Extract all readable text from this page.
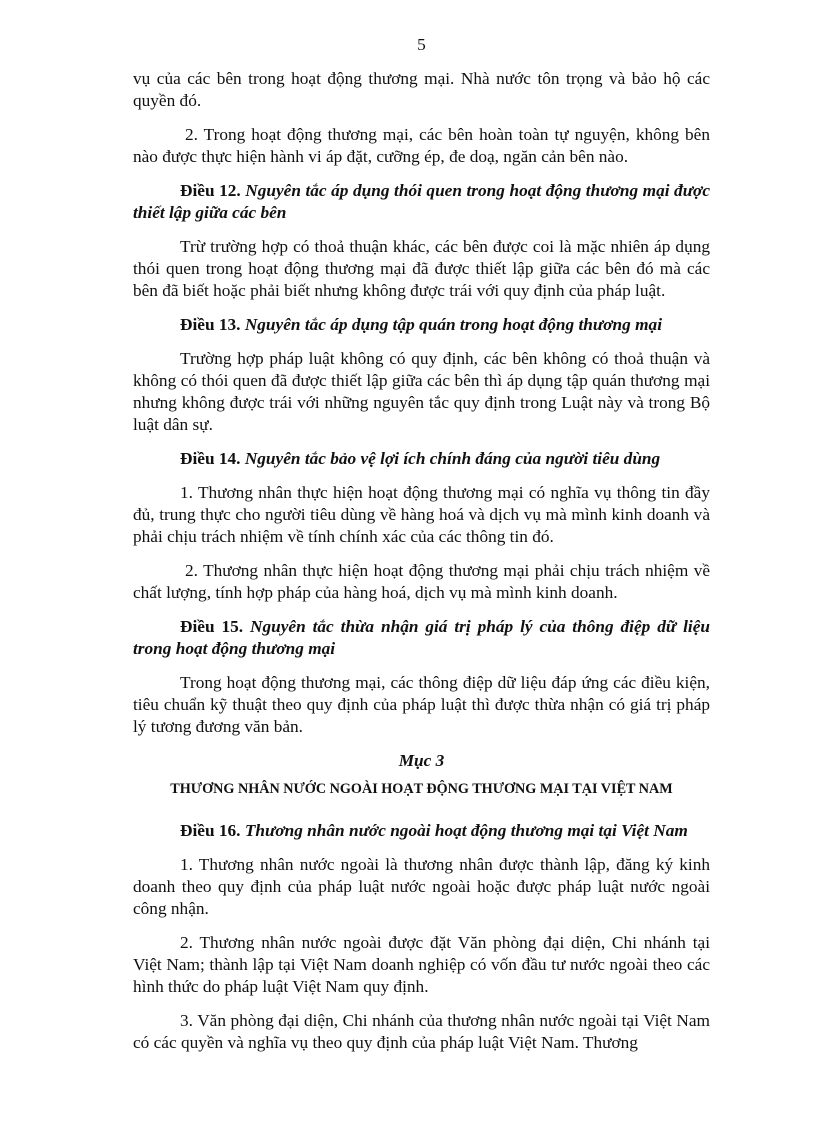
5

vụ của các bên trong hoạt động thương mại. Nhà nước tôn trọng và bảo hộ các quyền đó.

2. Trong hoạt động thương mại, các bên hoàn toàn tự nguyện, không bên nào được thực hiện hành vi áp đặt, cưỡng ép, đe doạ, ngăn cản bên nào.

Điều 12. Nguyên tắc áp dụng thói quen trong hoạt động thương mại được thiết lập giữa các bên

Trừ trường hợp có thoả thuận khác, các bên được coi là mặc nhiên áp dụng thói quen trong hoạt động thương mại đã được thiết lập giữa các bên đó mà các bên đã biết hoặc phải biết nhưng không được trái với quy định của pháp luật.

Điều 13. Nguyên tắc áp dụng tập quán trong hoạt động thương mại

Trường hợp pháp luật không có quy định, các bên không có thoả thuận và không có thói quen đã được thiết lập giữa các bên thì áp dụng tập quán thương mại nhưng không được trái với những nguyên tắc quy định trong Luật này và trong Bộ luật dân sự.

Điều 14. Nguyên tắc bảo vệ lợi ích chính đáng của người tiêu dùng

1. Thương nhân thực hiện hoạt động thương mại có nghĩa vụ thông tin đầy đủ, trung thực cho người tiêu dùng về hàng hoá và dịch vụ mà mình kinh doanh và phải chịu trách nhiệm về tính chính xác của các thông tin đó.

2. Thương nhân thực hiện hoạt động thương mại phải chịu trách nhiệm về chất lượng, tính hợp pháp của hàng hoá, dịch vụ mà mình kinh doanh.

Điều 15. Nguyên tắc thừa nhận giá trị pháp lý của thông điệp dữ liệu trong hoạt động thương mại

Trong hoạt động thương mại, các thông điệp dữ liệu đáp ứng các điều kiện, tiêu chuẩn kỹ thuật theo quy định của pháp luật thì được thừa nhận có giá trị pháp lý tương đương văn bản.

Mục 3
THƯƠNG NHÂN NƯỚC NGOÀI HOẠT ĐỘNG THƯƠNG MẠI TẠI VIỆT NAM

Điều 16. Thương nhân nước ngoài hoạt động thương mại tại Việt Nam

1. Thương nhân nước ngoài là thương nhân được thành lập, đăng ký kinh doanh theo quy định của pháp luật nước ngoài hoặc được pháp luật nước ngoài công nhận.

2. Thương nhân nước ngoài được đặt Văn phòng đại diện, Chi nhánh tại Việt Nam; thành lập tại Việt Nam doanh nghiệp có vốn đầu tư nước ngoài theo các hình thức do pháp luật Việt Nam quy định.

3. Văn phòng đại diện, Chi nhánh của thương nhân nước ngoài tại Việt Nam có các quyền và nghĩa vụ theo quy định của pháp luật Việt Nam. Thương
